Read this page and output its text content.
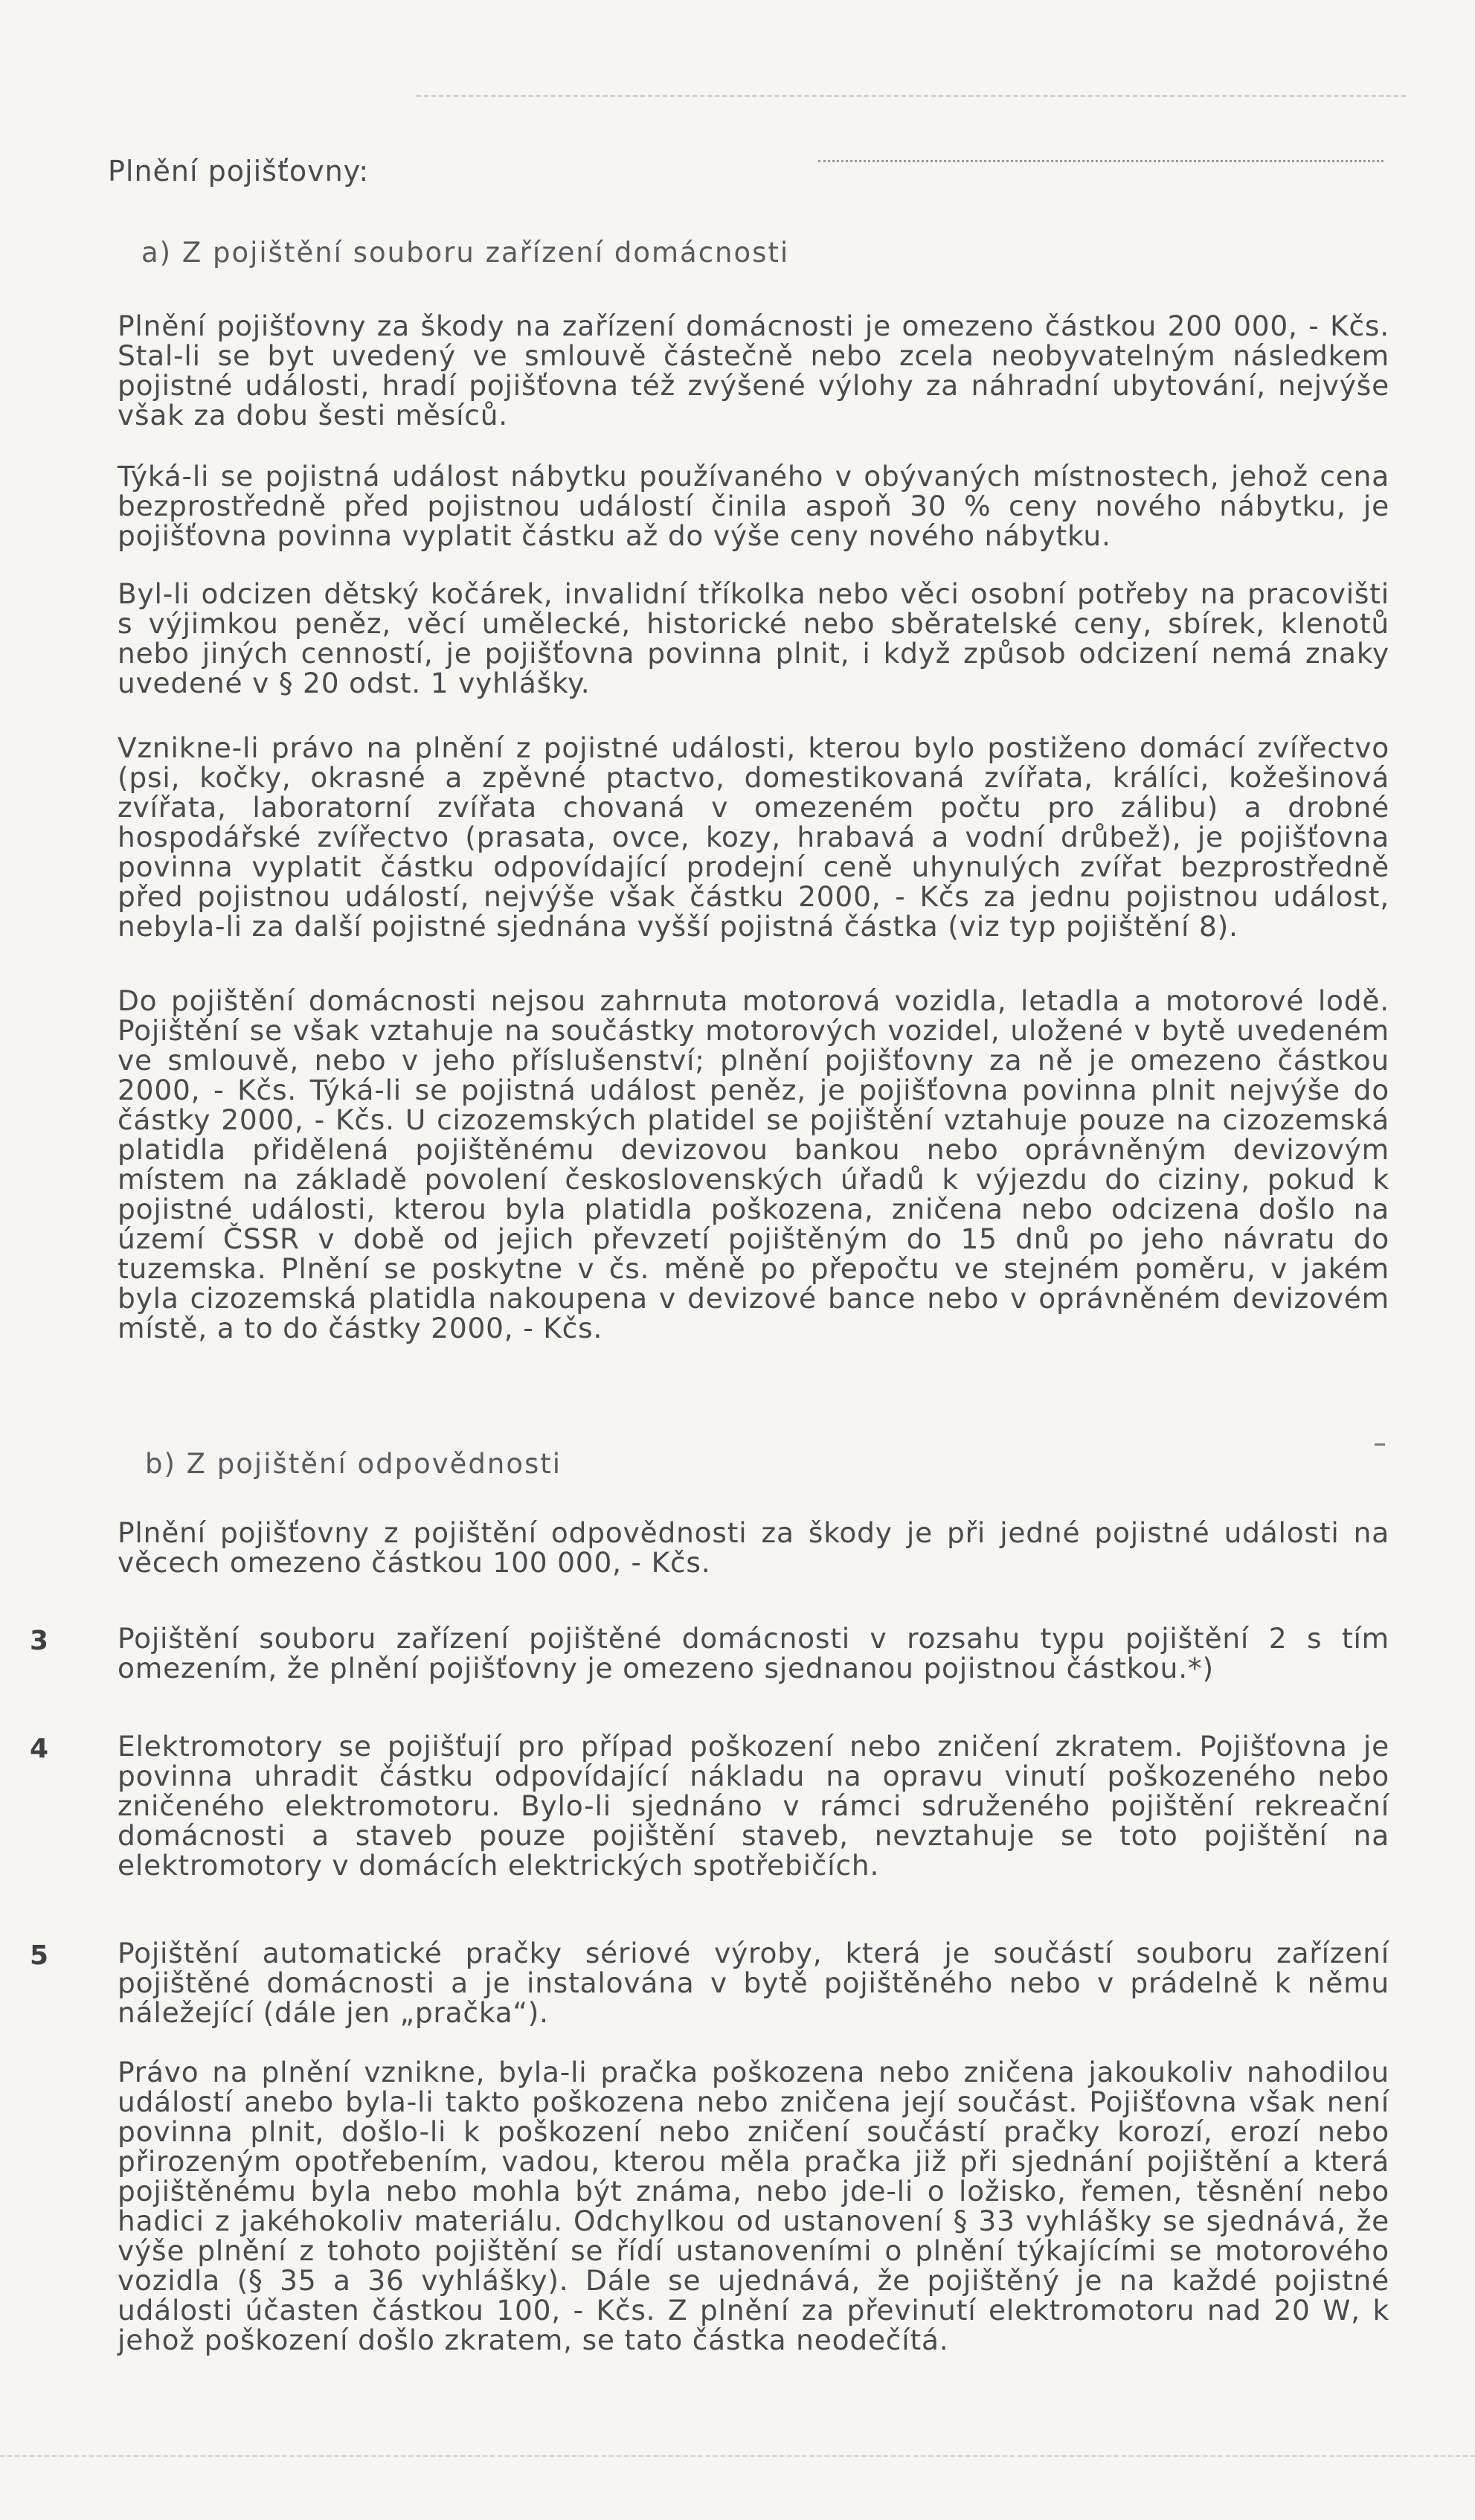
Plnění pojišťovny:
a) Z pojištění souboru zařízení domácnosti

Plnění pojišťovny za škody na zařízení domácnosti je omezeno částkou 200 000, - Kčs. Stal-li se byt uvedený ve smlouvě částečně nebo zcela neobyvatelným následkem pojistné události, hradí pojišťovna též zvýšené výlohy za náhradní ubytování, nejvýše však za dobu šesti měsíců.

Týká-li se pojistná událost nábytku používaného v obývaných místnostech, jehož cena bezprostředně před pojistnou událostí činila aspoň 30 % ceny nového nábytku, je pojišťovna povinna vyplatit částku až do výše ceny nového nábytku.

Byl-li odcizen dětský kočárek, invalidní tříkolka nebo věci osobní potřeby na pracovišti s výjimkou peněz, věcí umělecké, historické nebo sběratelské ceny, sbírek, klenotů nebo jiných cenností, je pojišťovna povinna plnit, i když způsob odcizení nemá znaky uvedené v § 20 odst. 1 vyhlášky.

Vznikne-li právo na plnění z pojistné události, kterou bylo postiženo domácí zvířectvo (psi, kočky, okrasné a zpěvné ptactvo, domestikovaná zvířata, králíci, kožešinová zvířata, laboratorní zvířata chovaná v omezeném počtu pro zálibu) a drobné hospodářské zvířectvo (prasata, ovce, kozy, hrabavá a vodní drůbež), je pojišťovna povinna vyplatit částku odpovídající prodejní ceně uhynulých zvířat bezprostředně před pojistnou událostí, nejvýše však částku 2000, - Kčs za jednu pojistnou událost, nebyla-li za další pojistné sjednána vyšší pojistná částka (viz typ pojištění 8).

Do pojištění domácnosti nejsou zahrnuta motorová vozidla, letadla a motorové lodě. Pojištění se však vztahuje na součástky motorových vozidel, uložené v bytě uvedeném ve smlouvě, nebo v jeho příslušenství; plnění pojišťovny za ně je omezeno částkou 2000, - Kčs. Týká-li se pojistná událost peněz, je pojišťovna povinna plnit nejvýše do částky 2000, - Kčs. U cizozemských platidel se pojištění vztahuje pouze na cizozemská platidla přidělená pojištěnému devizovou bankou nebo oprávněným devizovým místem na základě povolení československých úřadů k výjezdu do ciziny, pokud k pojistné události, kterou byla platidla poškozena, zničena nebo odcizena došlo na území ČSSR v době od jejich převzetí pojištěným do 15 dnů po jeho návratu do tuzemska. Plnění se poskytne v čs. měně po přepočtu ve stejném poměru, v jakém byla cizozemská platidla nakoupena v devizové bance nebo v oprávněném devizovém místě, a to do částky 2000, - Kčs.

b) Z pojištění odpovědnosti

Plnění pojišťovny z pojištění odpovědnosti za škody je při jedné pojistné události na věcech omezeno částkou 100 000, - Kčs.

3 Pojištění souboru zařízení pojištěné domácnosti v rozsahu typu pojištění 2 s tím omezením, že plnění pojišťovny je omezeno sjednanou pojistnou částkou.*)

4 Elektromotory se pojišťují pro případ poškození nebo zničení zkratem. Pojišťovna je povinna uhradit částku odpovídající nákladu na opravu vinutí poškozeného nebo zničeného elektromotoru. Bylo-li sjednáno v rámci sdruženého pojištění rekreační domácnosti a staveb pouze pojištění staveb, nevztahuje se toto pojištění na elektromotory v domácích elektrických spotřebičích.

5 Pojištění automatické pračky sériové výroby, která je součástí souboru zařízení pojištěné domácnosti a je instalována v bytě pojištěného nebo v prádelně k němu náležející (dále jen „pračka“).

Právo na plnění vznikne, byla-li pračka poškozena nebo zničena jakoukoliv nahodilou událostí anebo byla-li takto poškozena nebo zničena její součást. Pojišťovna však není povinna plnit, došlo-li k poškození nebo zničení součástí pračky korozí, erozí nebo přirozeným opotřebením, vadou, kterou měla pračka již při sjednání pojištění a která pojištěnému byla nebo mohla být známa, nebo jde-li o ložisko, řemen, těsnění nebo hadici z jakéhokoliv materiálu. Odchylkou od ustanovení § 33 vyhlášky se sjednává, že výše plnění z tohoto pojištění se řídí ustanoveními o plnění týkajícími se motorového vozidla (§ 35 a 36 vyhlášky). Dále se ujednává, že pojištěný je na každé pojistné události účasten částkou 100, - Kčs. Z plnění za převinutí elektromotoru nad 20 W, k jehož poškození došlo zkratem, se tato částka neodečítá.
